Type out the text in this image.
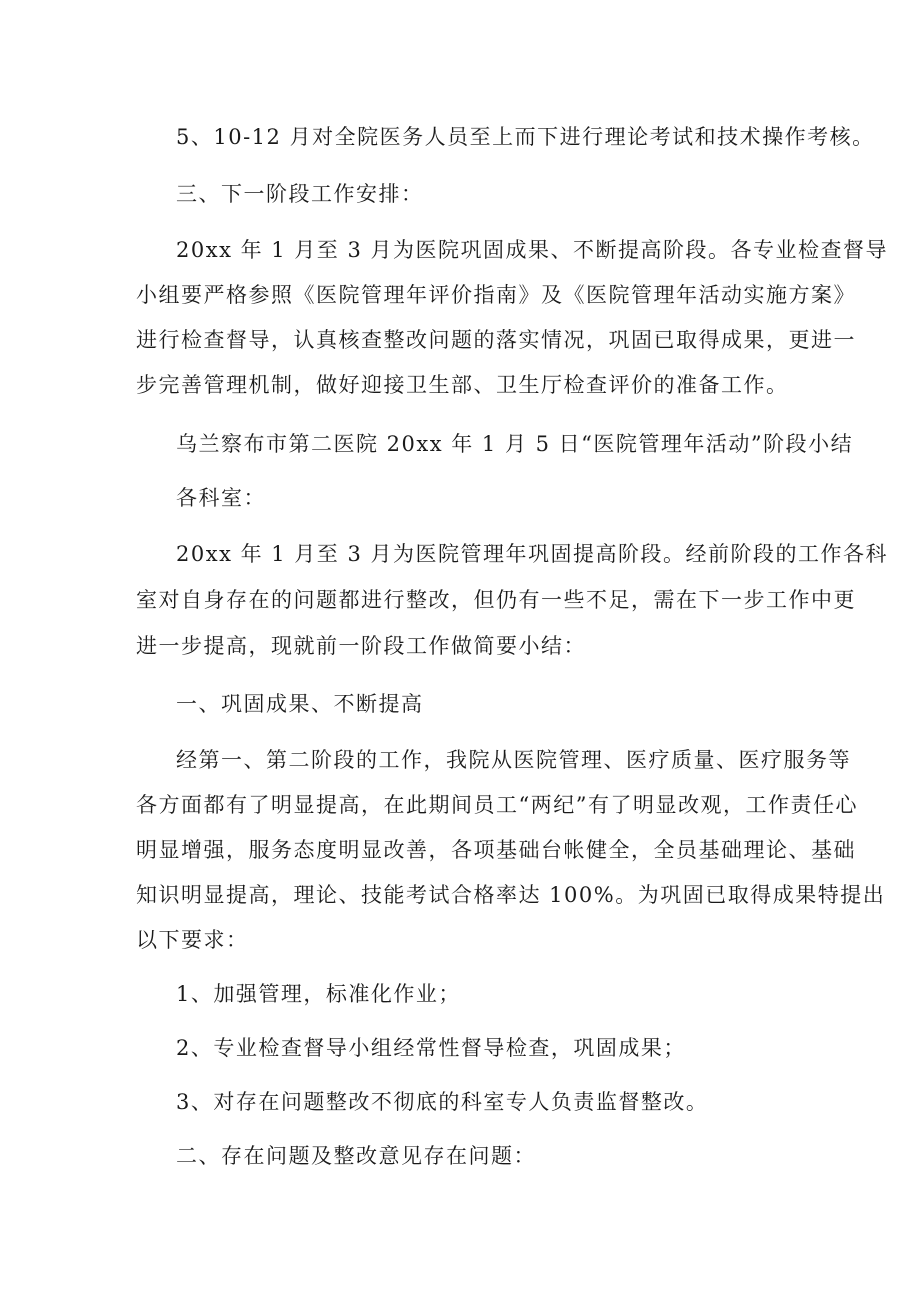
5、10-12 月对全院医务人员至上而下进行理论考试和技术操作考核。

三、下一阶段工作安排：

20xx 年 1 月至 3 月为医院巩固成果、不断提高阶段。各专业检查督导

小组要严格参照《医院管理年评价指南》及《医院管理年活动实施方案》

进行检查督导，认真核查整改问题的落实情况，巩固已取得成果，更进一

步完善管理机制，做好迎接卫生部、卫生厅检查评价的准备工作。

乌兰察布市第二医院 20xx 年 1 月 5 日“医院管理年活动”阶段小结

各科室：

20xx 年 1 月至 3 月为医院管理年巩固提高阶段。经前阶段的工作各科

室对自身存在的问题都进行整改，但仍有一些不足，需在下一步工作中更

进一步提高，现就前一阶段工作做简要小结：

一、巩固成果、不断提高

经第一、第二阶段的工作，我院从医院管理、医疗质量、医疗服务等

各方面都有了明显提高，在此期间员工“两纪”有了明显改观，工作责任心

明显增强，服务态度明显改善，各项基础台帐健全，全员基础理论、基础

知识明显提高，理论、技能考试合格率达 100%。为巩固已取得成果特提出

以下要求：

1、加强管理，标准化作业；

2、专业检查督导小组经常性督导检查，巩固成果；

3、对存在问题整改不彻底的科室专人负责监督整改。

二、存在问题及整改意见存在问题：
